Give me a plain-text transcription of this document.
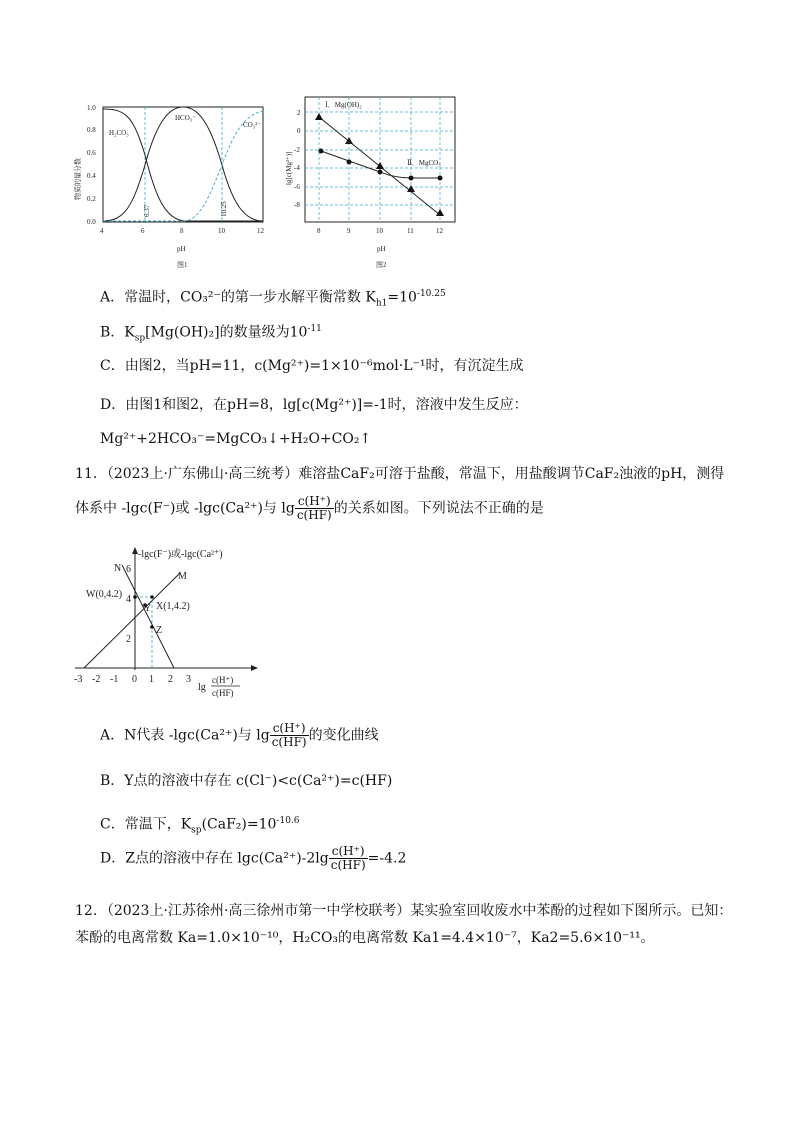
4	6	8	10	12
0.0
0.2
0.4
0.6
0.8
1.0
H₂CO₃
HCO₃⁻
CO₃²⁻
6.37	10.25
pH
图1
物质的量分数
Ⅰ．Mg(OH)₂
Ⅱ．MgCO₃
2
0
-2
-4
-6
-8
8	9	10	11	12
pH
图2
lg[c(Mg²⁺)]
A．常温时，CO₃²⁻的第一步水解平衡常数 $K_{h1}=10^{-10.25}$
B．$K_{sp}[Mg(OH)_2]$的数量级为$10^{-11}$
C．由图2，当pH=11，c(Mg²⁺)=1×10⁻⁶mol·L⁻¹时，有沉淀生成
D．由图1和图2，在pH=8，lg[c(Mg²⁺)]=-1时，溶液中发生反应：
Mg²⁺+2HCO₃⁻=MgCO₃↓+H₂O+CO₂↑
11．（2023上·广东佛山·高三统考）难溶盐CaF₂可溶于盐酸，常温下，用盐酸调节CaF₂浊液的pH，测得
体系中 -lgc(F⁻)或 -lgc(Ca²⁺)与 $\lg \frac{c(H^+)}{c(HF)}$ 的关系如图。下列说法不正确的是
-lgc(F⁻)或-lgc(Ca²⁺)
N
M
W(0,4.2)
X(1,4.2)
Y
Z
2
4
6
-3 -2 -1 0 1 2 3
lg
c(H⁺)
c(HF)
A．N代表 -lgc(Ca²⁺)与 $\lg \frac{c(H^+)}{c(HF)}$ 的变化曲线
B．Y点的溶液中存在 c(Cl⁻)<c(Ca²⁺)=c(HF)
C．常温下，$K_{sp}(CaF_2)=10^{-10.6}$
D．Z点的溶液中存在 $\lg c(Ca^{2+})-2\lg \frac{c(H^+)}{c(HF)} =-4.2$
12．（2023上·江苏徐州·高三徐州市第一中学校联考）某实验室回收废水中苯酚的过程如下图所示。已知：
苯酚的电离常数 Ka=1.0×10⁻¹⁰，H₂CO₃的电离常数 Ka1=4.4×10⁻⁷，Ka2=5.6×10⁻¹¹。
